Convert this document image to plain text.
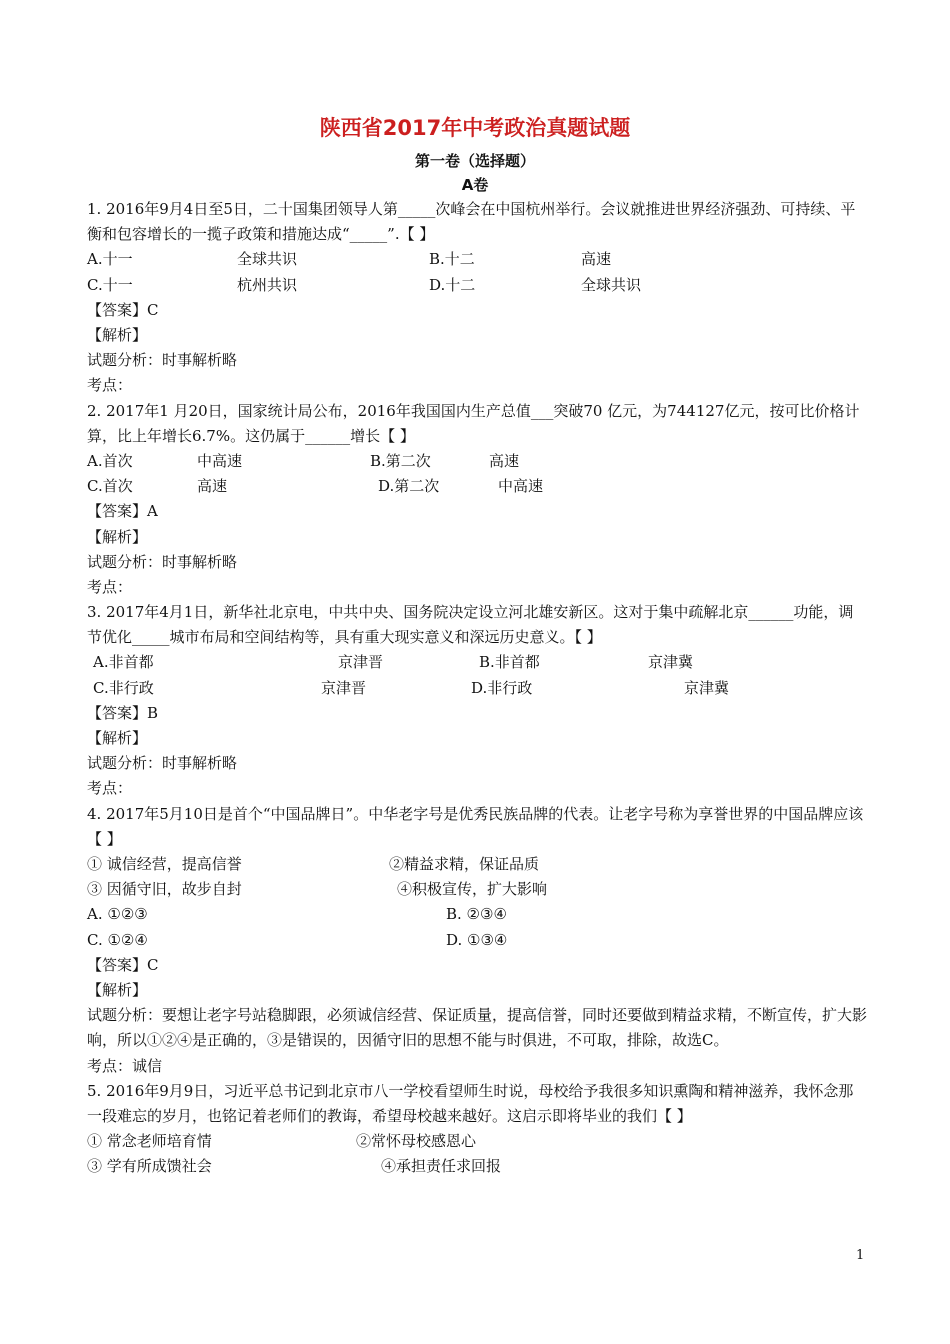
陕西省2017年中考政治真题试题
第一卷（选择题）
A卷
1. 2016年9月4日至5日，二十国集团领导人第_____次峰会在中国杭州举行。会议就推进世界经济强劲、可持续、平衡和包容增长的一揽子政策和措施达成“_____”.【 】
A.十一	全球共识	B.十二	高速
C.十一	杭州共识	D.十二	全球共识
【答案】C
【解析】
试题分析：时事解析略
考点：
2. 2017年1 月20日，国家统计局公布，2016年我国国内生产总值___突破70 亿元，为744127亿元，按可比价格计算，比上年增长6.7%。这仍属于______增长【 】
A.首次	中高速	B.第二次	高速
C.首次	高速	D.第二次	中高速
【答案】A
【解析】
试题分析：时事解析略
考点：
3. 2017年4月1日，新华社北京电，中共中央、国务院决定设立河北雄安新区。这对于集中疏解北京______功能，调节优化_____城市布局和空间结构等，具有重大现实意义和深远历史意义。【 】
A.非首都	京津晋	B.非首都	京津冀
C.非行政	京津晋	D.非行政	京津冀
【答案】B
【解析】
试题分析：时事解析略
考点：
4. 2017年5月10日是首个“中国品牌日”。中华老字号是优秀民族品牌的代表。让老字号称为享誉世界的中国品牌应该 【 】
① 诚信经营，提高信誉	②精益求精，保证品质
③ 因循守旧，故步自封	④积极宣传，扩大影响
A. ①②③	B. ②③④
C. ①②④	D. ①③④
【答案】C
【解析】
试题分析：要想让老字号站稳脚跟，必须诚信经营、保证质量，提高信誉，同时还要做到精益求精，不断宣传，扩大影响，所以①②④是正确的，③是错误的，因循守旧的思想不能与时俱进，不可取，排除，故选C。
考点：诚信
5. 2016年9月9日，习近平总书记到北京市八一学校看望师生时说，母校给予我很多知识熏陶和精神滋养，我怀念那一段难忘的岁月，也铭记着老师们的教诲，希望母校越来越好。这启示即将毕业的我们【 】
① 常念老师培育情	②常怀母校感恩心
③ 学有所成馈社会	④承担责任求回报
1
